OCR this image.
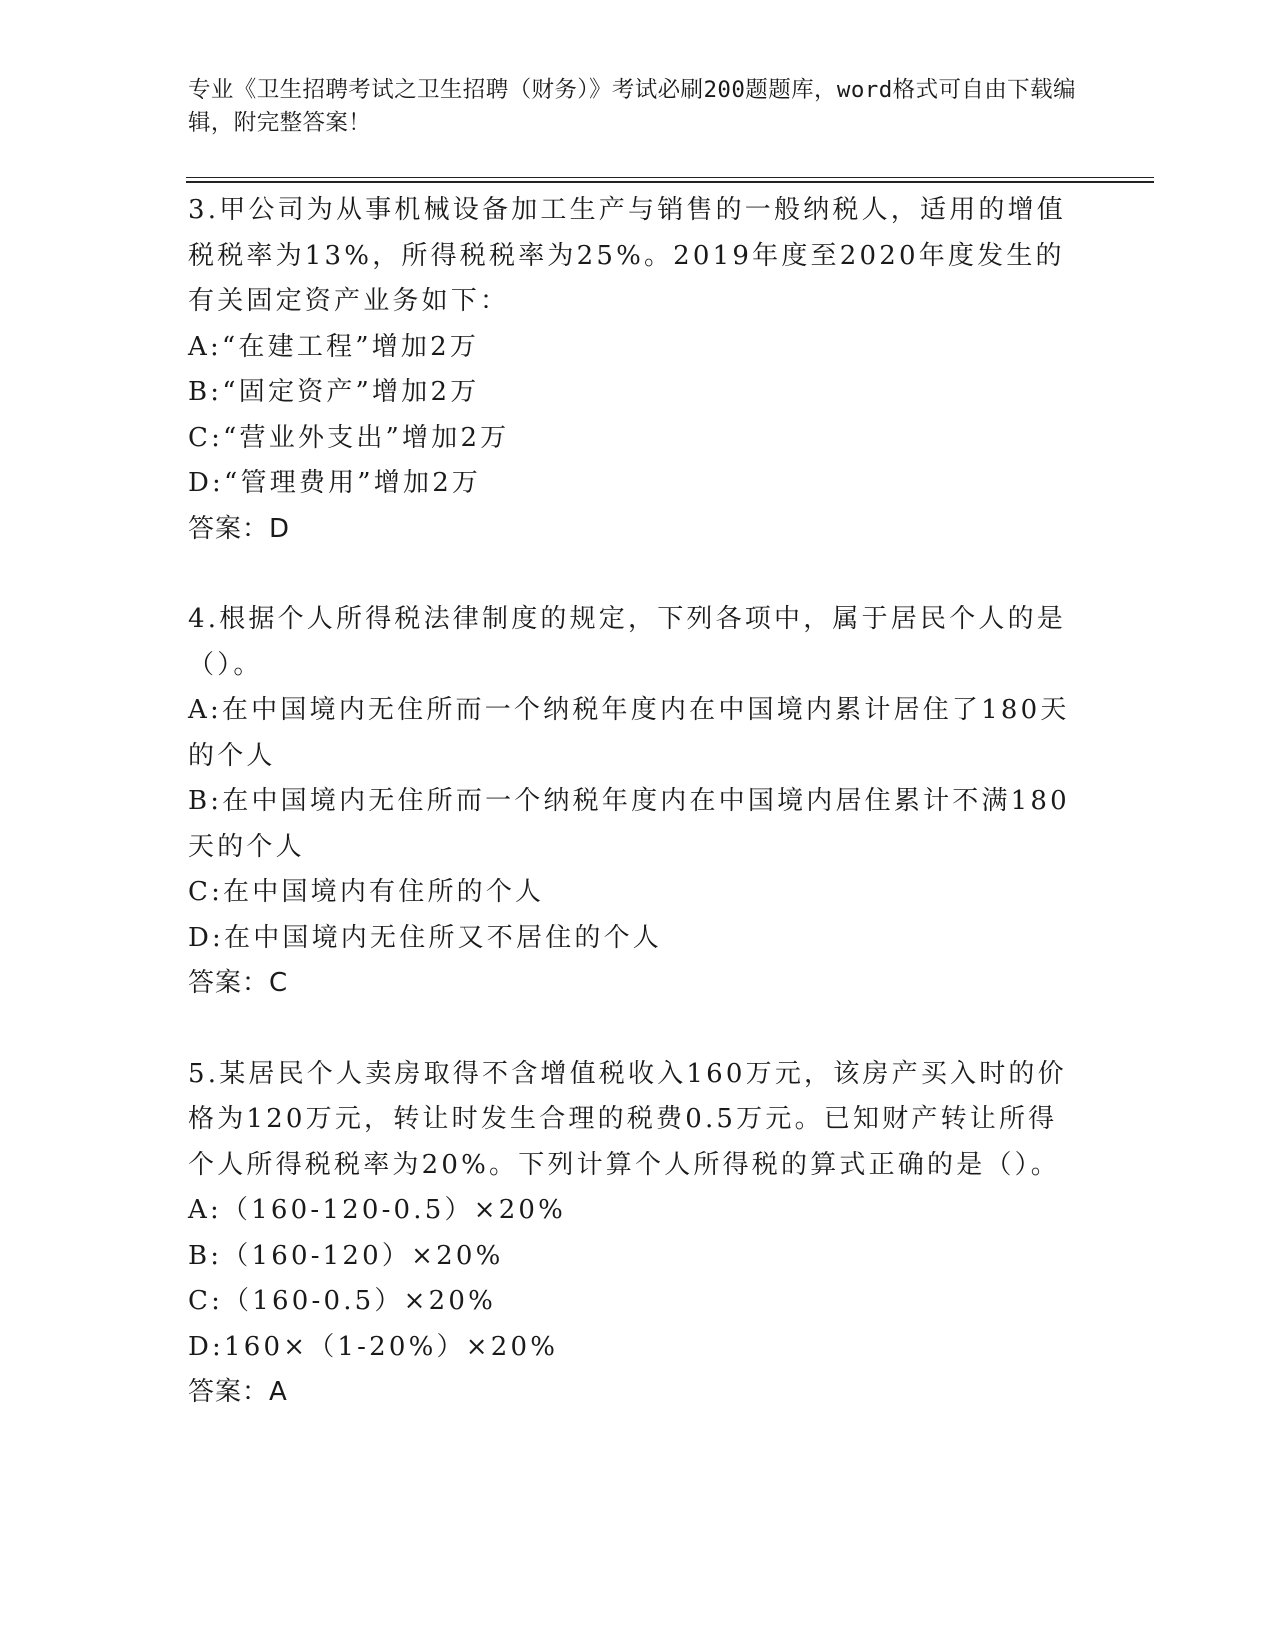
专业《卫生招聘考试之卫生招聘（财务）》考试必刷200题题库，word格式可自由下载编辑，附完整答案！
3.甲公司为从事机械设备加工生产与销售的一般纳税人，适用的增值税税率为13%，所得税税率为25%。2019年度至2020年度发生的有关固定资产业务如下：
A:“在建工程”增加2万
B:“固定资产”增加2万
C:“营业外支出”增加2万
D:“管理费用”增加2万
答案：D
4.根据个人所得税法律制度的规定，下列各项中，属于居民个人的是（）。
A:在中国境内无住所而一个纳税年度内在中国境内累计居住了180天的个人
B:在中国境内无住所而一个纳税年度内在中国境内居住累计不满180天的个人
C:在中国境内有住所的个人
D:在中国境内无住所又不居住的个人
答案：C
5.某居民个人卖房取得不含增值税收入160万元，该房产买入时的价格为120万元，转让时发生合理的税费0.5万元。已知财产转让所得个人所得税税率为20%。下列计算个人所得税的算式正确的是（）。
A:（160-120-0.5）×20%
B:（160-120）×20%
C:（160-0.5）×20%
D:160×（1-20%）×20%
答案：A
